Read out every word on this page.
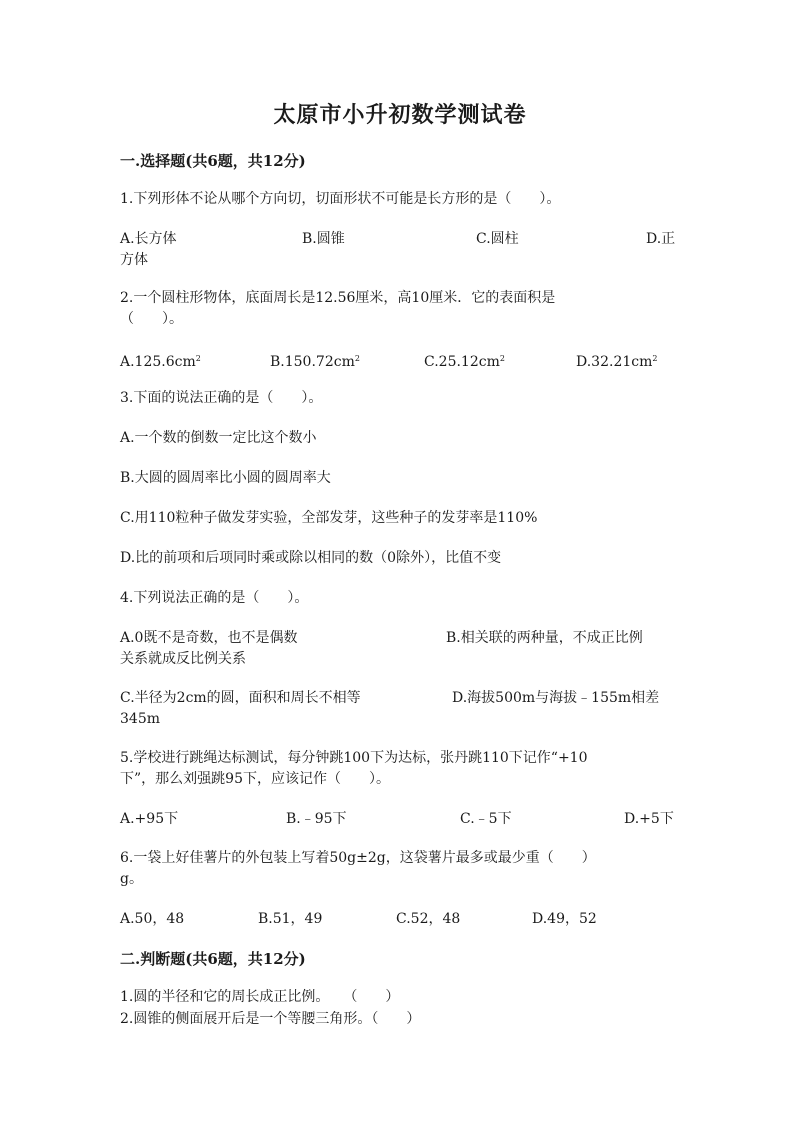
太原市小升初数学测试卷
一.选择题(共6题，共12分)
1.下列形体不论从哪个方向切，切面形状不可能是长方形的是（　　）。
A.长方体	B.圆锥	C.圆柱	D.正
方体
2.一个圆柱形物体，底面周长是12.56厘米，高10厘米．它的表面积是
（　　）。
$A.125.6cm^2$	$B.150.72cm^2$	$C.25.12cm^2$	$D.32.21cm^2$
3.下面的说法正确的是（　　）。
A.一个数的倒数一定比这个数小
B.大圆的圆周率比小圆的圆周率大
C.用110粒种子做发芽实验，全部发芽，这些种子的发芽率是110%
D.比的前项和后项同时乘或除以相同的数（0除外），比值不变
4.下列说法正确的是（　　）。
A.0既不是奇数，也不是偶数	B.相关联的两种量，不成正比例
关系就成反比例关系
C.半径为2cm的圆，面积和周长不相等	D.海拔500m与海拔﹣155m相差
345m
5.学校进行跳绳达标测试，每分钟跳100下为达标，张丹跳110下记作“+10
下”，那么刘强跳95下，应该记作（　　）。
A.+95下	B.﹣95下	C.﹣5下	D.+5下
6.一袋上好佳薯片的外包装上写着50g±2g，这袋薯片最多或最少重（　　）
g。
A.50，48	B.51，49	C.52，48	D.49，52
二.判断题(共6题，共12分)
1.圆的半径和它的周长成正比例。　　（　　）
2.圆锥的侧面展开后是一个等腰三角形。（　　）
